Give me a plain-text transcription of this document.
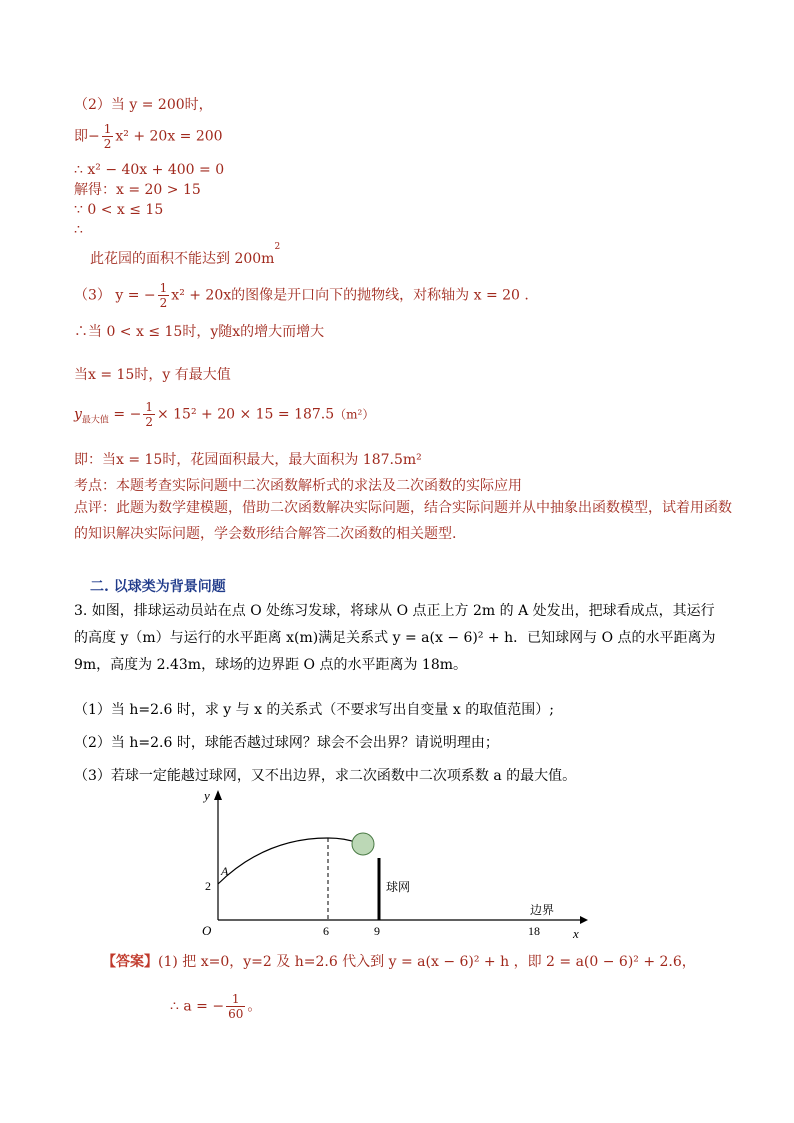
（2）当 y = 200时，
即− $\frac{1}{2} x^2 + 20x = 200$
∴ x² − 40x + 400 = 0
解得：x = 20 > 15
∵ 0 < x ≤ 15
∴
此花园的面积不能达到 $200m^2$
（3） y = − $\frac{1}{2} x^2 + 20x$的图像是开口向下的抛物线，对称轴为 x = 20 .
∴当 0 < x ≤ 15时，y随x的增大而增大
当x = 15时，y 有最大值
$y_{最大值}$ = − $\frac{1}{2} \times 15^2 + 20 \times 15 = 187.5(m^2)$
即：当x = 15时，花园面积最大，最大面积为 187.5m²
考点：本题考查实际问题中二次函数解析式的求法及二次函数的实际应用
点评：此题为数学建模题，借助二次函数解决实际问题，结合实际问题并从中抽象出函数模型，试着用函数的知识解决实际问题，学会数形结合解答二次函数的相关题型.
二. 以球类为背景问题
3. 如图，排球运动员站在点 O 处练习发球，将球从 O 点正上方 2m 的 A 处发出，把球看成点，其运行的高度 y（m）与运行的水平距离 x(m)满足关系式 y = a(x − 6)² + h．已知球网与 O 点的水平距离为 9m，高度为 2.43m，球场的边界距 O 点的水平距离为 18m。
（1）当 h=2.6 时，求 y 与 x 的关系式（不要求写出自变量 x 的取值范围）;
（2）当 h=2.6 时，球能否越过球网？球会不会出界？请说明理由；
（3）若球一定能越过球网，又不出边界，求二次函数中二次项系数 a 的最大值。
y
x
O
A
2
6	9	18
球网
边界
【答案】(1) 把 x=0，y=2 及 h=2.6 代入到 y = a(x − 6)² + h ，即 2 = a(0 − 6)² + 2.6，
∴ a = − $\frac{1}{60}$ 。
